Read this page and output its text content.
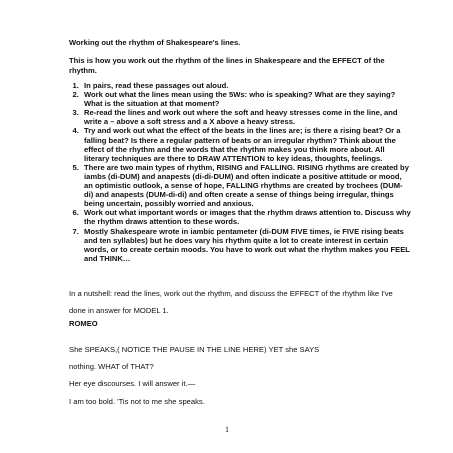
Working out the rhythm of Shakespeare's lines.
This is how you work out the rhythm of the lines in Shakespeare and the EFFECT of the rhythm.
1. In pairs, read these passages out aloud.
2. Work out what the lines mean using the 5Ws: who is speaking? What are they saying? What is the situation at that moment?
3. Re-read the lines and work out where the soft and heavy stresses come in the line, and write a – above a soft stress and a X above a heavy stress.
4. Try and work out what the effect of the beats in the lines are; is there a rising beat? Or a falling beat? Is there a regular pattern of beats or an irregular rhythm? Think about the effect of the rhythm and the words that the rhythm makes you think more about. All literary techniques are there to DRAW ATTENTION to key ideas, thoughts, feelings.
5. There are two main types of rhythm, RISING and FALLING. RISING rhythms are created by iambs (di-DUM) and anapests (di-di-DUM) and often indicate a positive attitude or mood, an optimistic outlook, a sense of hope, FALLING rhythms are created by trochees (DUM-di) and anapests (DUM-di-di) and often create a sense of things being irregular, things being uncertain, possibly worried and anxious.
6. Work out what important words or images that the rhythm draws attention to. Discuss why the rhythm draws attention to these words.
7. Mostly Shakespeare wrote in iambic pentameter (di-DUM FIVE times, ie FIVE rising beats and ten syllables) but he does vary his rhythm quite a lot to create interest in certain words, or to create certain moods. You have to work out what the rhythm makes you FEEL and THINK…
In a nutshell: read the lines, work out the rhythm, and discuss the EFFECT of the rhythm like I've done in answer for MODEL 1.
ROMEO
She SPEAKS,( NOTICE THE PAUSE IN THE LINE HERE) YET she SAYS
nothing. WHAT of THAT?
Her eye discourses. I will answer it.—
I am too bold. 'Tis not to me she speaks.
1
